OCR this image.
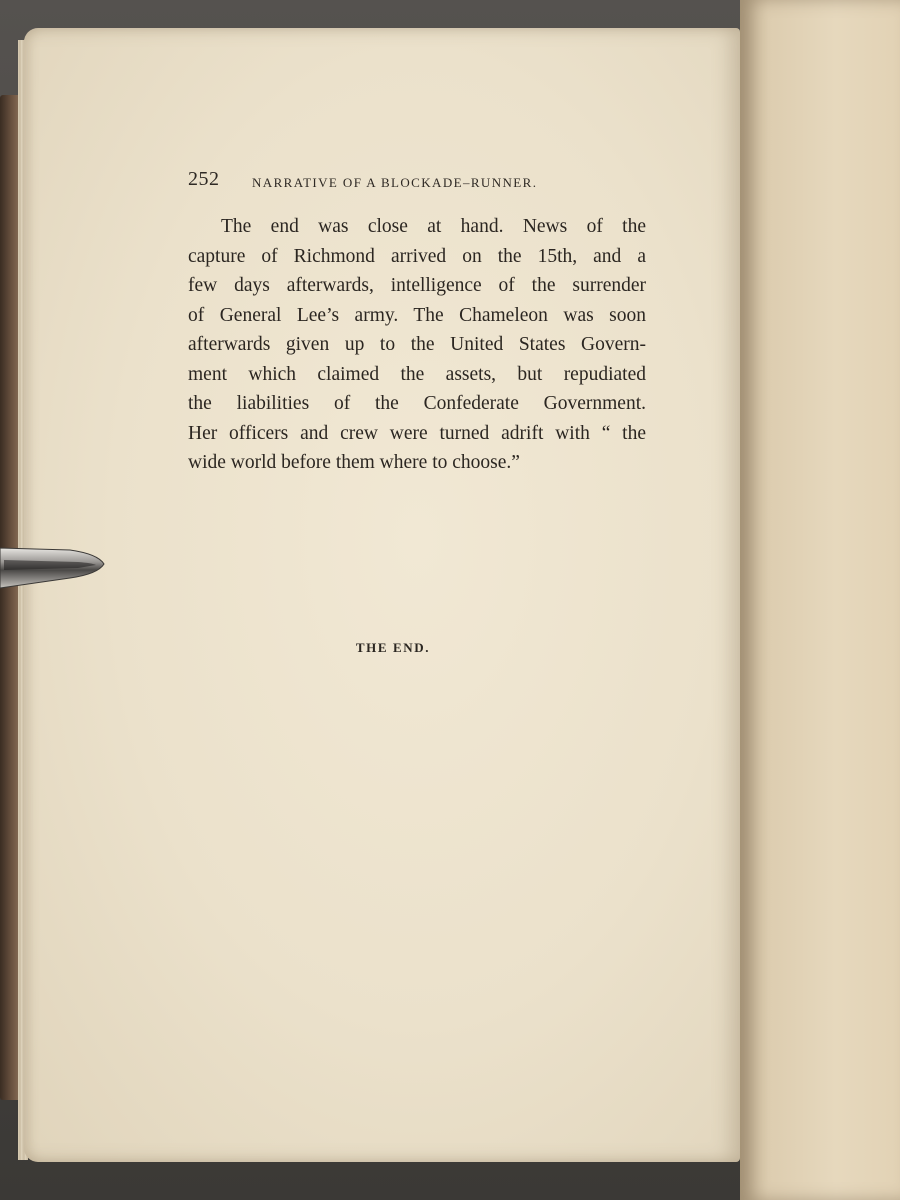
252	NARRATIVE OF A BLOCKADE–RUNNER.
The end was close at hand. News of the
capture of Richmond arrived on the 15th, and a
few days afterwards, intelligence of the surrender
of General Lee’s army. The Chameleon was soon
afterwards given up to the United States Govern-
ment which claimed the assets, but repudiated
the liabilities of the Confederate Government.
Her officers and crew were turned adrift with “ the
wide world before them where to choose.”
THE END.
